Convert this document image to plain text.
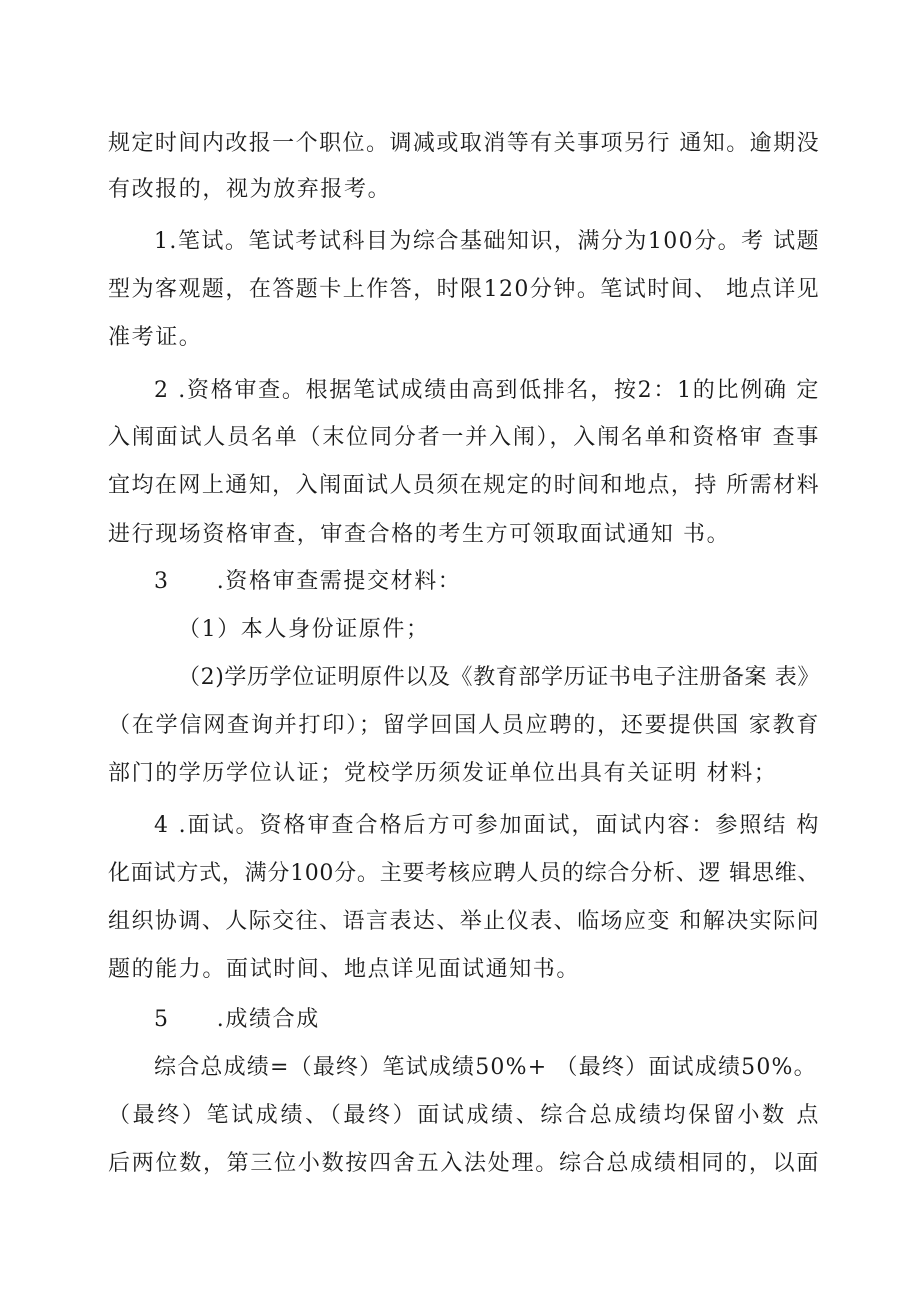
规定时间内改报一个职位。调减或取消等有关事项另行 通知。逾期没
有改报的，视为放弃报考。
1.笔试。笔试考试科目为综合基础知识，满分为100分。考 试题
型为客观题，在答题卡上作答，时限120分钟。笔试时间、 地点详见
准考证。
2 .资格审查。根据笔试成绩由高到低排名，按2：1的比例确 定
入闱面试人员名单（末位同分者一并入闱），入闱名单和资格审 查事
宜均在网上通知，入闱面试人员须在规定的时间和地点，持 所需材料
进行现场资格审查，审查合格的考生方可领取面试通知 书。
3　　.资格审查需提交材料：
（1）本人身份证原件；
（2)学历学位证明原件以及《教育部学历证书电子注册备案 表》
（在学信网查询并打印）；留学回国人员应聘的，还要提供国 家教育
部门的学历学位认证；党校学历须发证单位出具有关证明 材料；
4 .面试。资格审查合格后方可参加面试，面试内容：参照结 构
化面试方式，满分100分。主要考核应聘人员的综合分析、逻 辑思维、
组织协调、人际交往、语言表达、举止仪表、临场应变 和解决实际问
题的能力。面试时间、地点详见面试通知书。
5　　.成绩合成
综合总成绩=（最终）笔试成绩50%+ （最终）面试成绩50%。
（最终）笔试成绩、（最终）面试成绩、综合总成绩均保留小数 点
后两位数，第三位小数按四舍五入法处理。综合总成绩相同的，以面
